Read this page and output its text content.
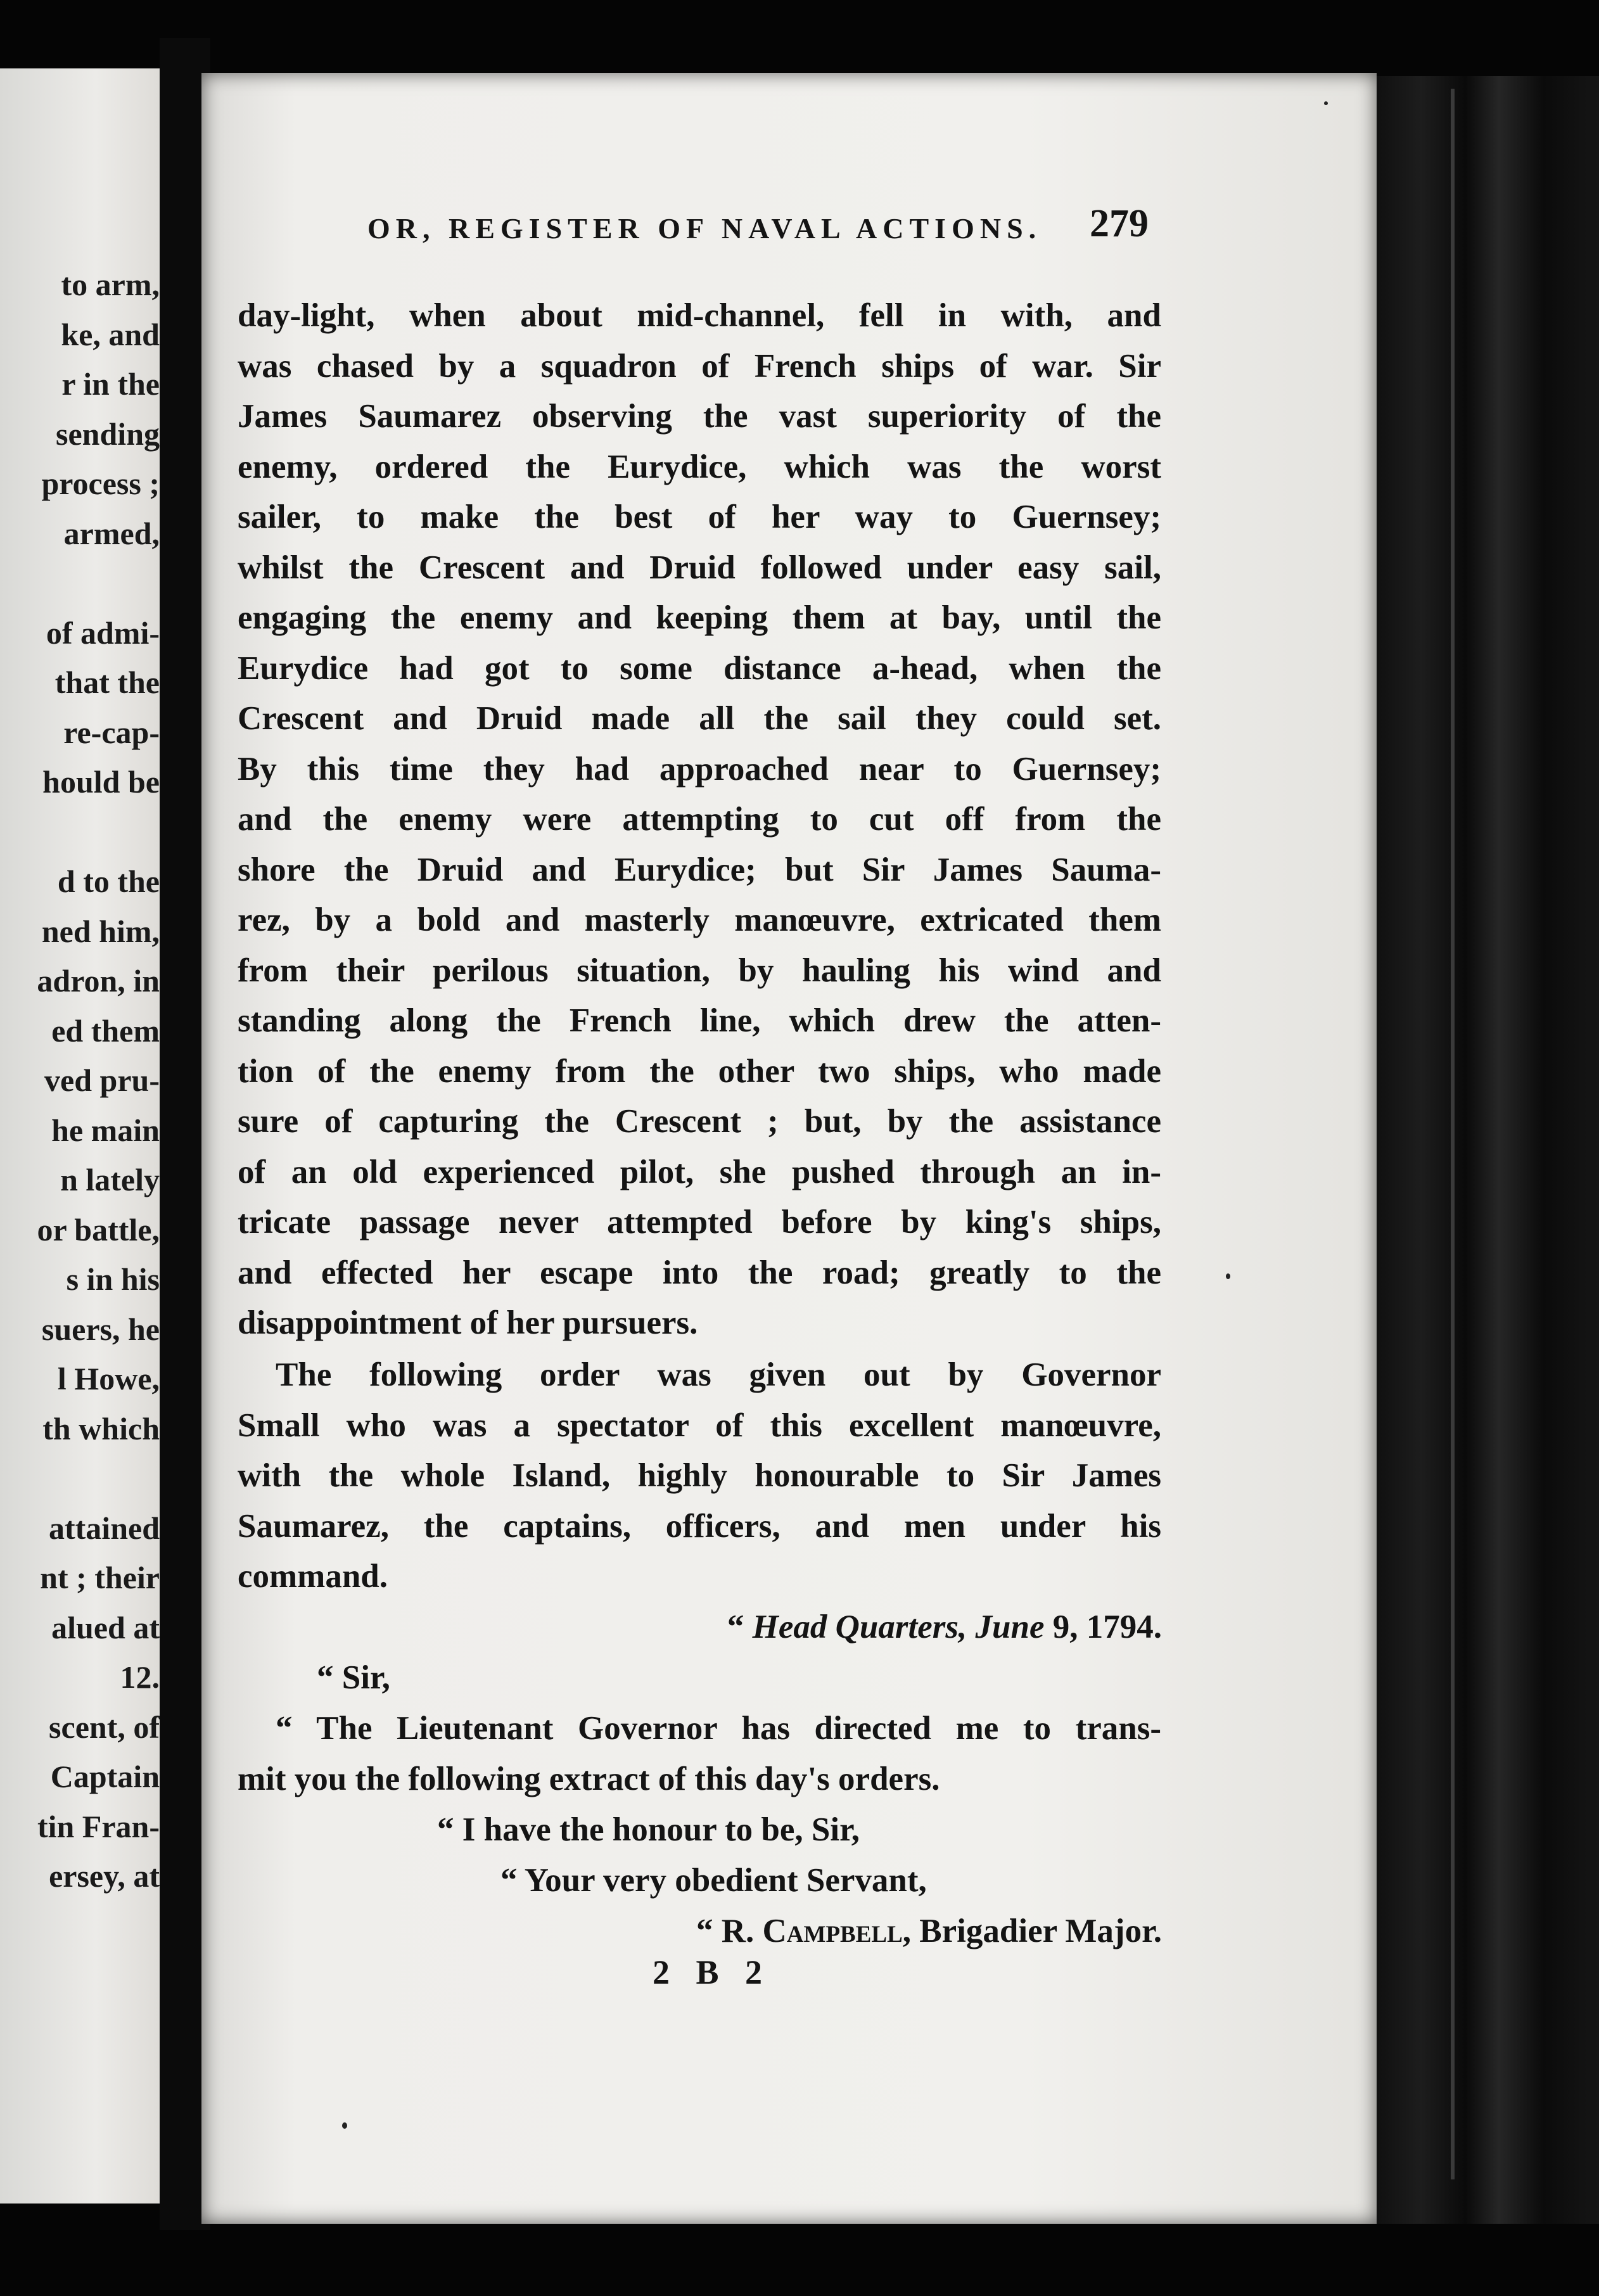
to arm,
ke, and
r in the
sending
process ;
armed,
of admi-
that the
re-cap-
hould be
d to the
ned him,
adron, in
ed them
ved pru-
he main
n lately
or battle,
s in his
suers, he
l Howe,
th which
attained
nt ; their
alued at
12.
scent, of
Captain
tin Fran-
ersey, at
OR, REGISTER OF NAVAL ACTIONS.	279
day-light, when about mid-channel, fell in with, and
was chased by a squadron of French ships of war. Sir
James Saumarez observing the vast superiority of the
enemy, ordered the Eurydice, which was the worst
sailer, to make the best of her way to Guernsey;
whilst the Crescent and Druid followed under easy sail,
engaging the enemy and keeping them at bay, until the
Eurydice had got to some distance a-head, when the
Crescent and Druid made all the sail they could set.
By this time they had approached near to Guernsey;
and the enemy were attempting to cut off from the
shore the Druid and Eurydice; but Sir James Sauma-
rez, by a bold and masterly manœuvre, extricated them
from their perilous situation, by hauling his wind and
standing along the French line, which drew the atten-
tion of the enemy from the other two ships, who made
sure of capturing the Crescent ; but, by the assistance
of an old experienced pilot, she pushed through an in-
tricate passage never attempted before by king's ships,
and effected her escape into the road; greatly to the
disappointment of her pursuers.
The following order was given out by Governor
Small who was a spectator of this excellent manœuvre,
with the whole Island, highly honourable to Sir James
Saumarez, the captains, officers, and men under his
command.
“ Head Quarters, June 9, 1794.
“ Sir,
“ The Lieutenant Governor has directed me to trans-
mit you the following extract of this day's orders.
“ I have the honour to be, Sir,
“ Your very obedient Servant,
“ R. Campbell, Brigadier Major.
2 B 2
